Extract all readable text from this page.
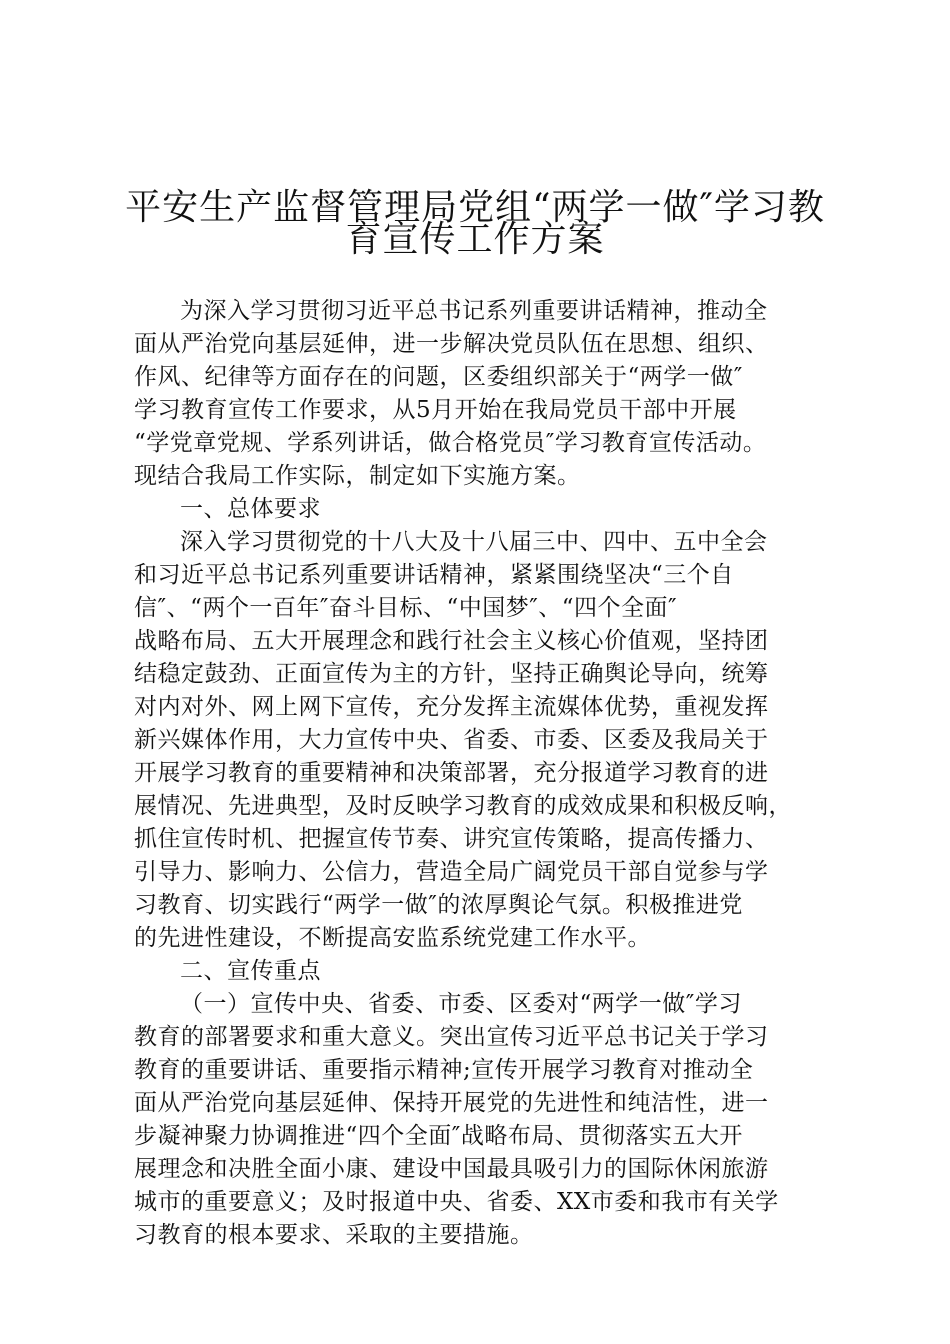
平安生产监督管理局党组“两学一做″学习教
育宣传工作方案
为深入学习贯彻习近平总书记系列重要讲话精神，推动全
面从严治党向基层延伸，进一步解决党员队伍在思想、组织、
作风、纪律等方面存在的问题，区委组织部关于“两学一做″
学习教育宣传工作要求，从5月开始在我局党员干部中开展
“学党章党规、学系列讲话，做合格党员″学习教育宣传活动。
现结合我局工作实际，制定如下实施方案。
一、总体要求
深入学习贯彻党的十八大及十八届三中、四中、五中全会
和习近平总书记系列重要讲话精神，紧紧围绕坚决“三个自
信″、“两个一百年″奋斗目标、“中国梦″、“四个全面″
战略布局、五大开展理念和践行社会主义核心价值观，坚持团
结稳定鼓劲、正面宣传为主的方针，坚持正确舆论导向，统筹
对内对外、网上网下宣传，充分发挥主流媒体优势，重视发挥
新兴媒体作用，大力宣传中央、省委、市委、区委及我局关于
开展学习教育的重要精神和决策部署，充分报道学习教育的进
展情况、先进典型，及时反映学习教育的成效成果和积极反响，
抓住宣传时机、把握宣传节奏、讲究宣传策略，提高传播力、
引导力、影响力、公信力，营造全局广阔党员干部自觉参与学
习教育、切实践行“两学一做″的浓厚舆论气氛。积极推进党
的先进性建设，不断提高安监系统党建工作水平。
二、宣传重点
（一）宣传中央、省委、市委、区委对“两学一做″学习
教育的部署要求和重大意义。突出宣传习近平总书记关于学习
教育的重要讲话、重要指示精神;宣传开展学习教育对推动全
面从严治党向基层延伸、保持开展党的先进性和纯洁性，进一
步凝神聚力协调推进“四个全面″战略布局、贯彻落实五大开
展理念和决胜全面小康、建设中国最具吸引力的国际休闲旅游
城市的重要意义；及时报道中央、省委、XX市委和我市有关学
习教育的根本要求、采取的主要措施。
